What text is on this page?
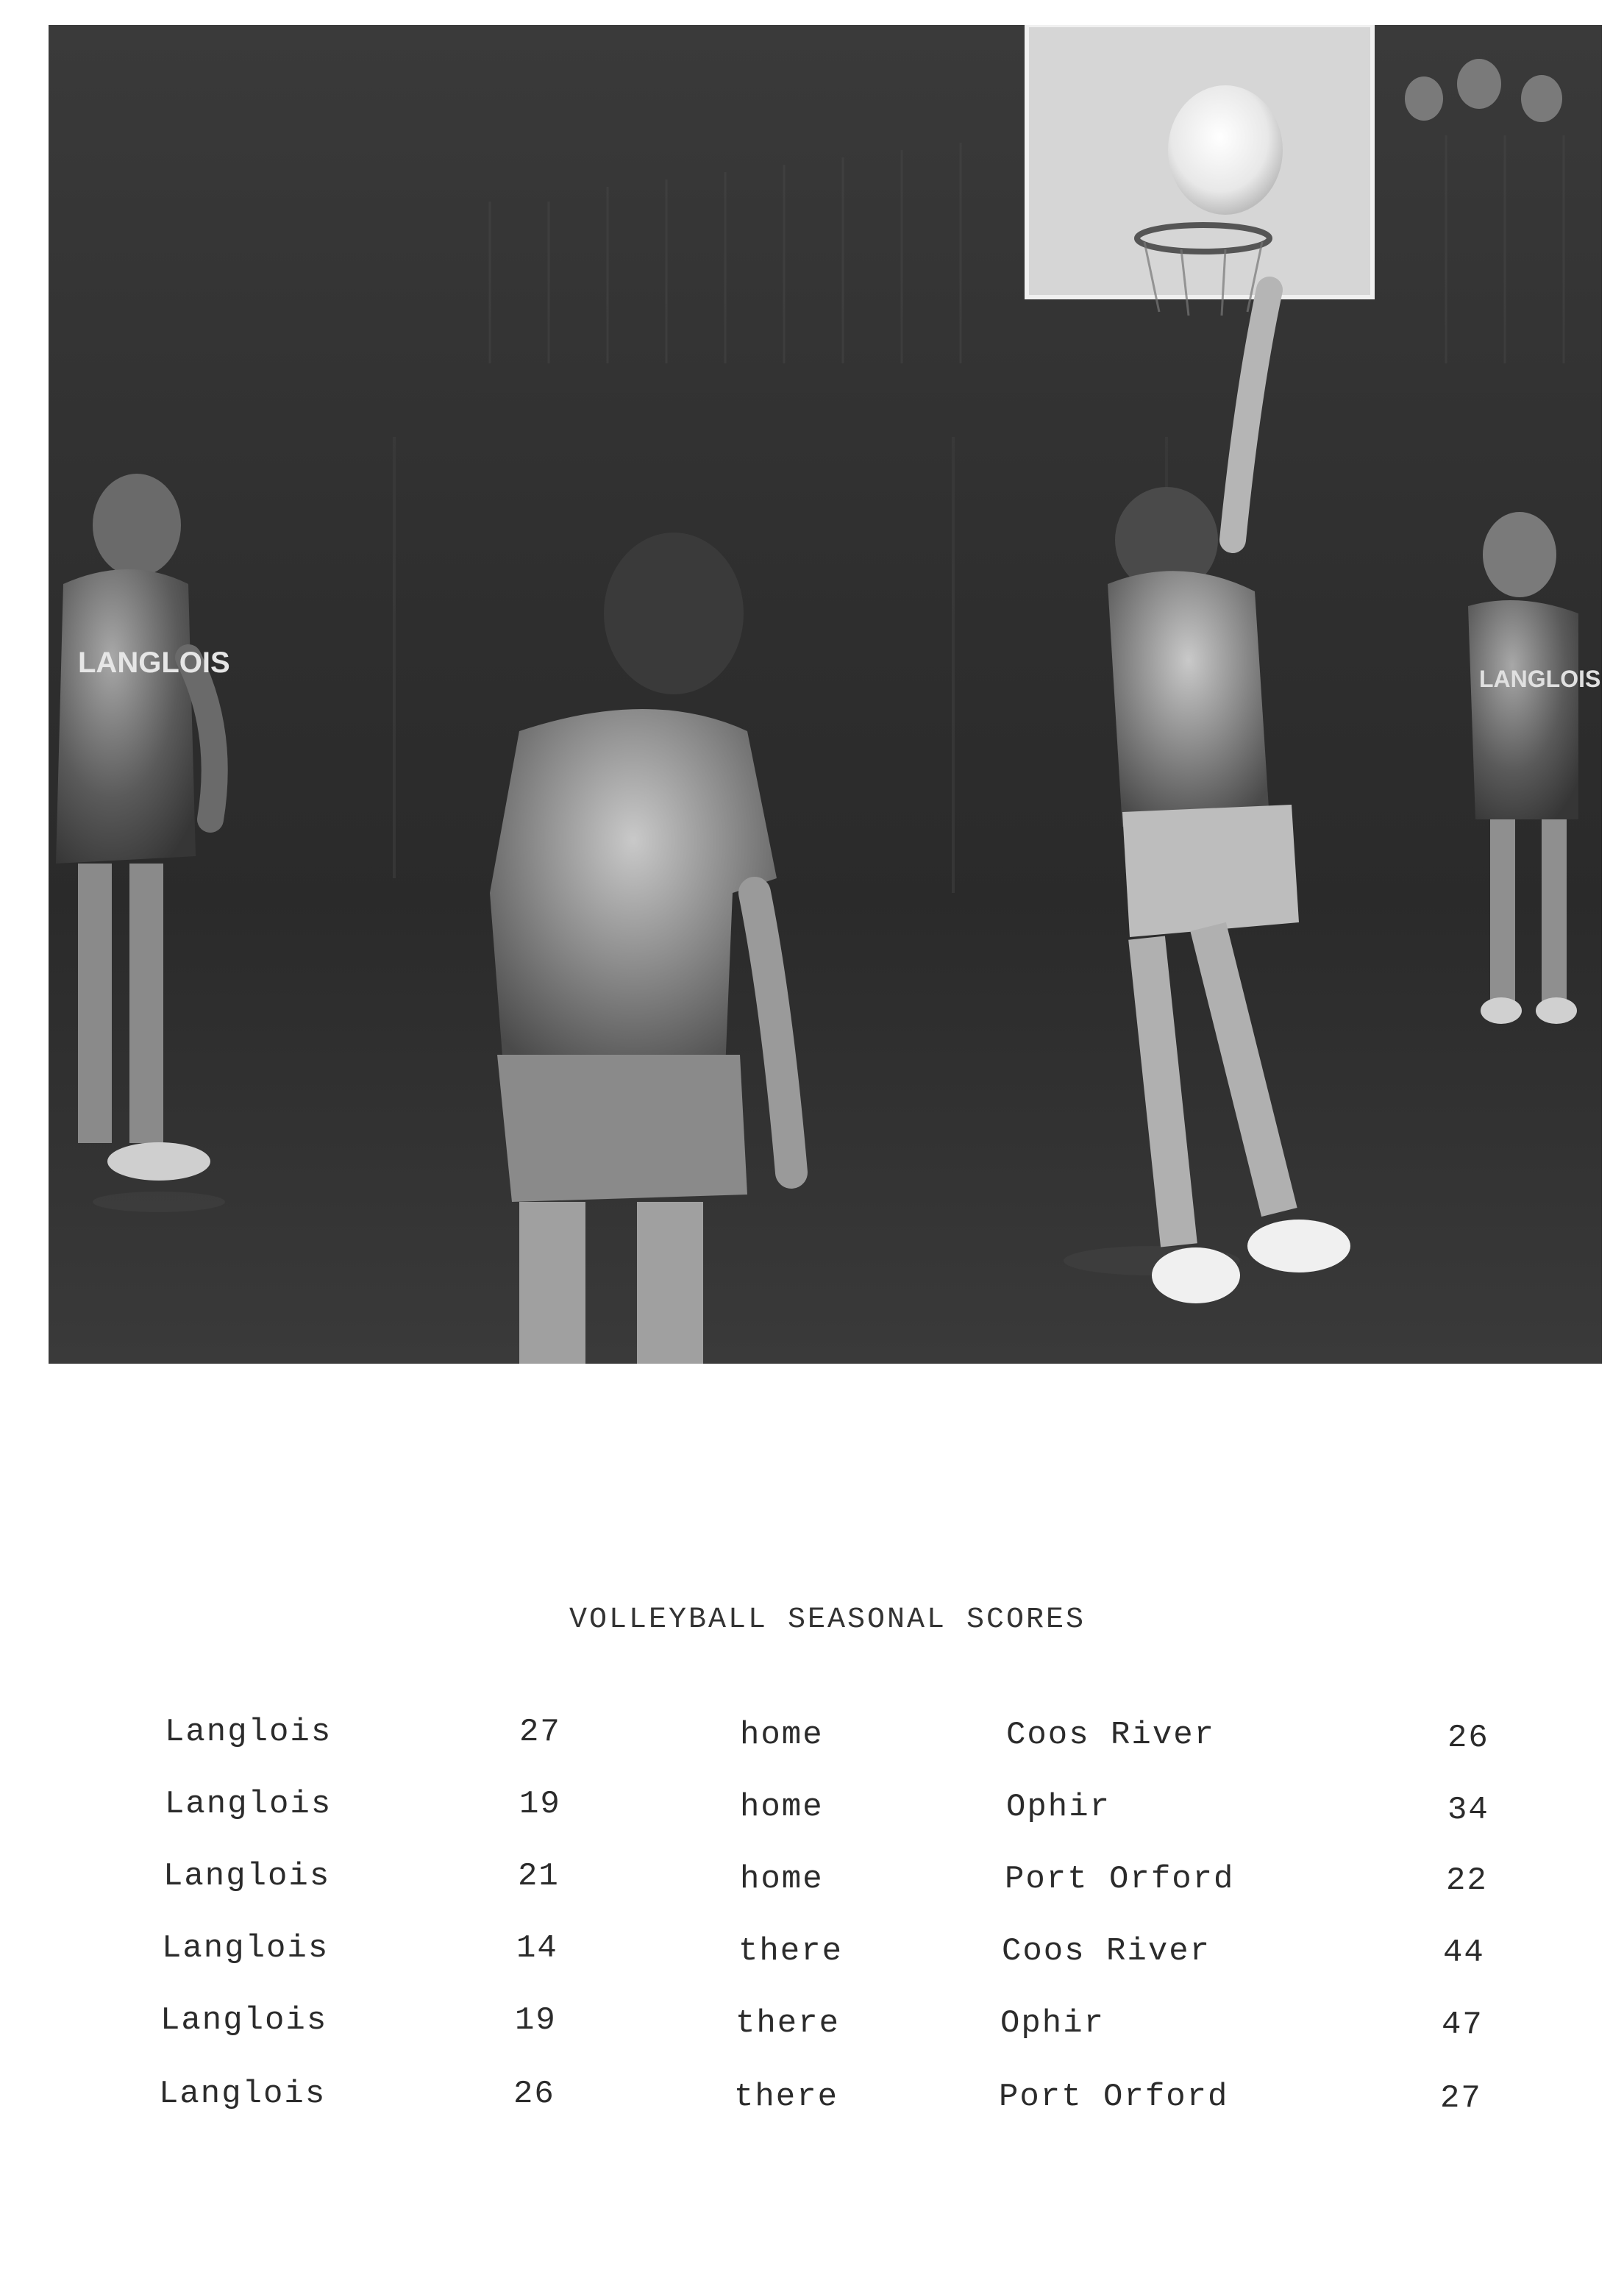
LANGLOIS	LANGLOIS
VOLLEYBALL SEASONAL SCORES
Langlois	27	home	Coos River	26
Langlois	19	home	Ophir	34
Langlois	21	home	Port Orford	22
Langlois	14	there	Coos River	44
Langlois	19	there	Ophir	47
Langlois	26	there	Port Orford	27
